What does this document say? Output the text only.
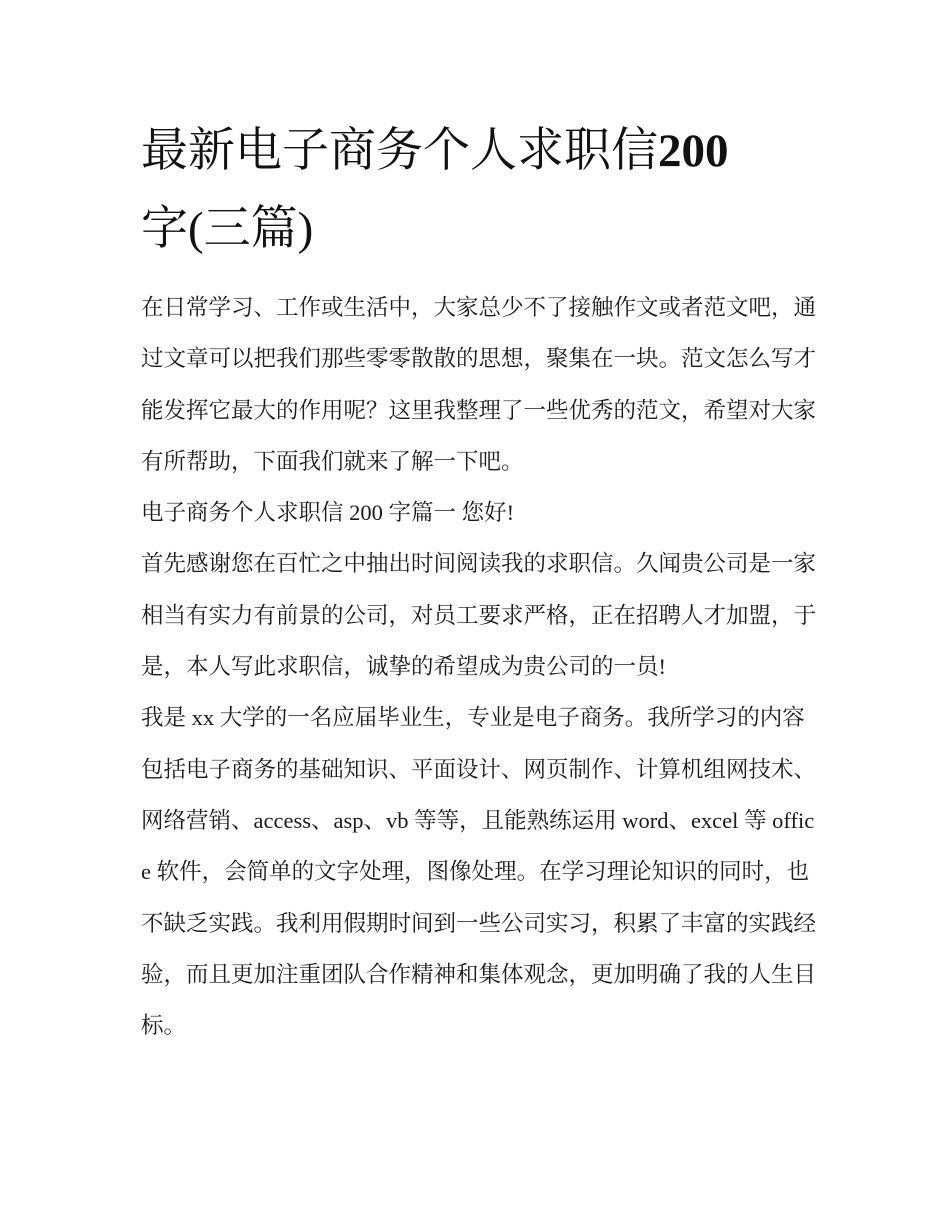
最新电子商务个人求职信200
字(三篇)

在日常学习、工作或生活中，大家总少不了接触作文或者范文吧，通过文章可以把我们那些零零散散的思想，聚集在一块。范文怎么写才能发挥它最大的作用呢？这里我整理了一些优秀的范文，希望对大家有所帮助，下面我们就来了解一下吧。

电子商务个人求职信 200 字篇一 您好!

首先感谢您在百忙之中抽出时间阅读我的求职信。久闻贵公司是一家相当有实力有前景的公司，对员工要求严格，正在招聘人才加盟，于是，本人写此求职信，诚挚的希望成为贵公司的一员!

我是 xx 大学的一名应届毕业生，专业是电子商务。我所学习的内容包括电子商务的基础知识、平面设计、网页制作、计算机组网技术、网络营销、access、asp、vb 等等，且能熟练运用 word、excel 等 office 软件，会简单的文字处理，图像处理。在学习理论知识的同时，也不缺乏实践。我利用假期时间到一些公司实习，积累了丰富的实践经验，而且更加注重团队合作精神和集体观念，更加明确了我的人生目标。
